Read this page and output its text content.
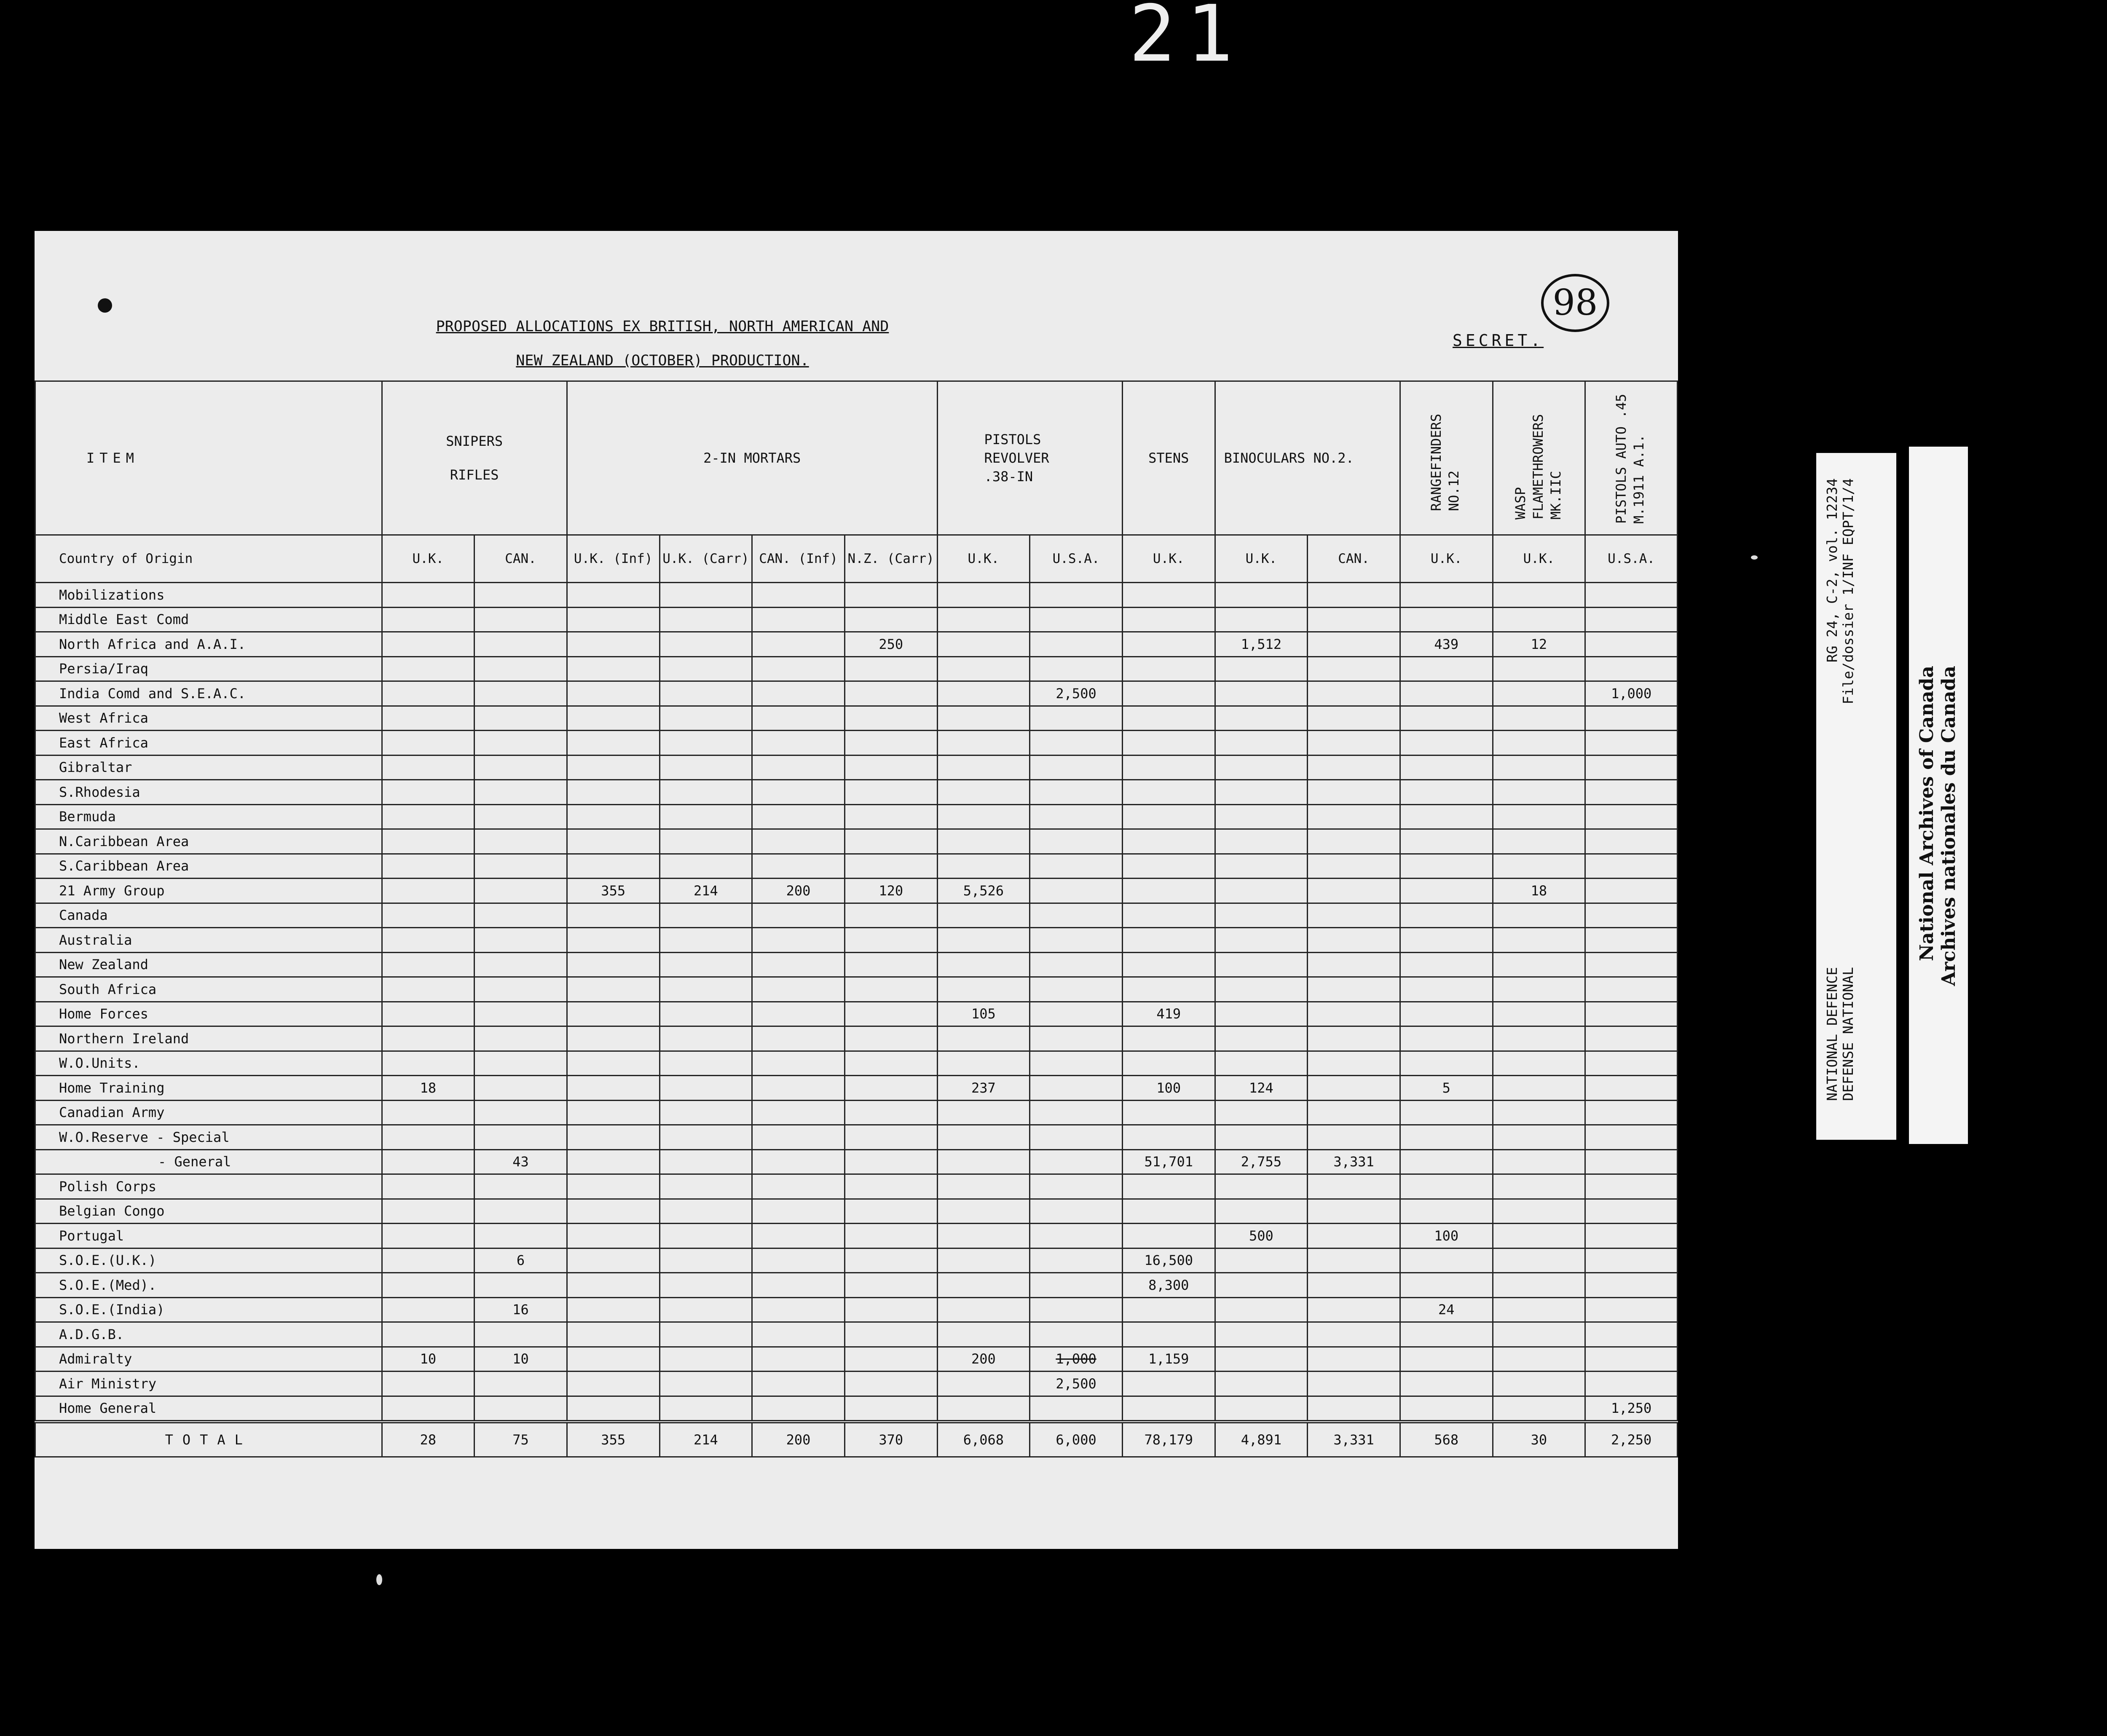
21
PROPOSED ALLOCATIONS EX BRITISH, NORTH AMERICAN AND
NEW ZEALAND (OCTOBER) PRODUCTION.
SECRET.
98
ITEM	SNIPERS RIFLES		2-IN MORTARS				PISTOLS REVOLVER .38-IN		STENS	BINOCULARS NO.2.		RANGEFINDERS NO.12	WASP FLAMETHROWERS MK.IIC	PISTOLS AUTO .45 M.1911 A.1.
Country of Origin	U.K.	CAN.	U.K. (Inf)	U.K. (Carr)	CAN. (Inf)	N.Z. (Carr)	U.K.	U.S.A.	U.K.	U.K.	CAN.	U.K.	U.K.	U.S.A.
Mobilizations														
Middle East Comd														
North Africa and A.A.I.						250				1,512		439	12	
Persia/Iraq														
India Comd and S.E.A.C.								2,500						1,000
West Africa														
East Africa														
Gibraltar														
S.Rhodesia														
Bermuda														
N.Caribbean Area														
S.Caribbean Area														
21 Army Group			355	214	200	120	5,526						18	
Canada														
Australia														
New Zealand														
South Africa														
Home Forces							105		419					
Northern Ireland														
W.O.Units.														
Home Training	18						237		100	124		5		
Canadian Army														
W.O.Reserve - Special														
- General		43							51,701	2,755	3,331			
Polish Corps														
Belgian Congo														
Portugal										500		100		
S.O.E.(U.K.)		6							16,500					
S.O.E.(Med).									8,300					
S.O.E.(India)		16										24		
A.D.G.B.														
Admiralty	10	10					200	1,000	1,159					
Air Ministry								2,500						
Home General														1,250
TOTAL	28	75	355	214	200	370	6,068	6,000	78,179	4,891	3,331	568	30	2,250

RG 24, C-2, vol. 12234 File/dossier 1/INF EQPT/1/4
NATIONAL DEFENCE DEFENSE NATIONAL
National Archives of Canada Archives nationales du Canada
